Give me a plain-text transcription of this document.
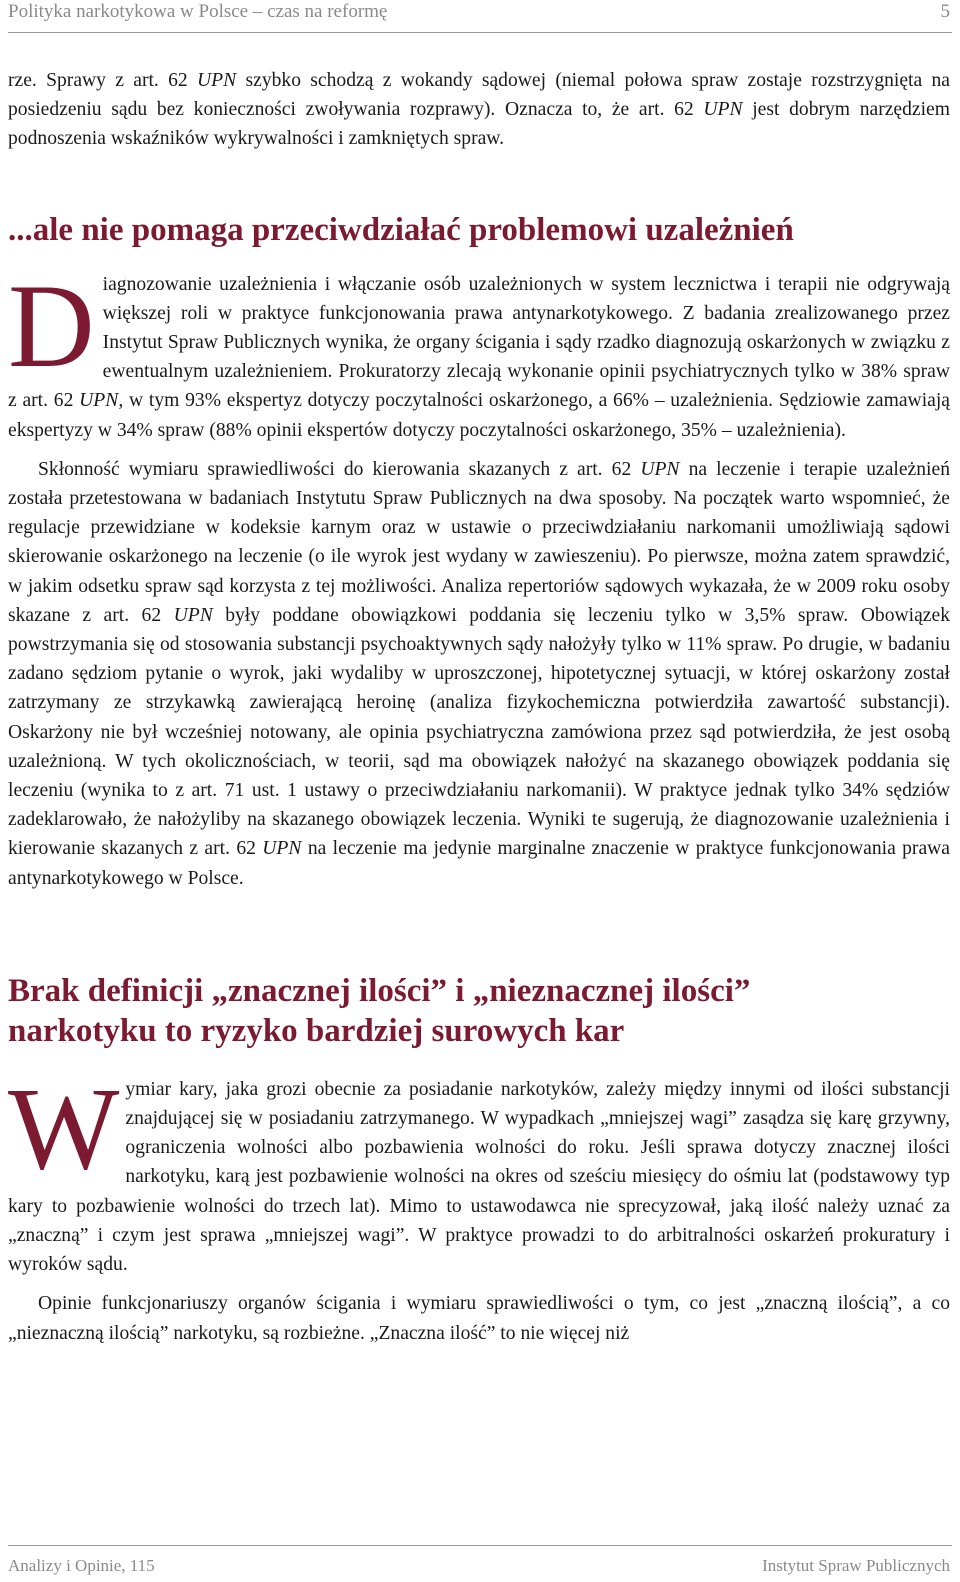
Polityka narkotykowa w Polsce – czas na reformę	5

rze. Sprawy z art. 62 UPN szybko schodzą z wokandy sądowej (niemal połowa spraw zostaje rozstrzygnięta na posiedzeniu sądu bez konieczności zwoływania rozprawy). Oznacza to, że art. 62 UPN jest dobrym narzędziem podnoszenia wskaźników wykrywalności i zamkniętych spraw.

...ale nie pomaga przeciwdziałać problemowi uzależnień

D iagnozowanie uzależnienia i włączanie osób uzależnionych w system lecznictwa i terapii nie odgrywają większej roli w praktyce funkcjonowania prawa antynarkotykowego. Z badania zrealizowanego przez Instytut Spraw Publicznych wynika, że organy ścigania i sądy rzadko diagnozują oskarżonych w związku z ewentualnym uzależnieniem. Prokuratorzy zlecają wykonanie opinii psychiatrycznych tylko w 38% spraw z art. 62 UPN, w tym 93% ekspertyz dotyczy poczytalności oskarżonego, a 66% – uzależnienia. Sędziowie zamawiają ekspertyzy w 34% spraw (88% opinii ekspertów dotyczy poczytalności oskarżonego, 35% – uzależnienia).

Skłonność wymiaru sprawiedliwości do kierowania skazanych z art. 62 UPN na leczenie i terapie uzależnień została przetestowana w badaniach Instytutu Spraw Publicznych na dwa sposoby. Na początek warto wspomnieć, że regulacje przewidziane w kodeksie karnym oraz w ustawie o przeciwdziałaniu narkomanii umożliwiają sądowi skierowanie oskarżonego na leczenie (o ile wyrok jest wydany w zawieszeniu). Po pierwsze, można zatem sprawdzić, w jakim odsetku spraw sąd korzysta z tej możliwości. Analiza repertoriów sądowych wykazała, że w 2009 roku osoby skazane z art. 62 UPN były poddane obowiązkowi poddania się leczeniu tylko w 3,5% spraw. Obowiązek powstrzymania się od stosowania substancji psychoaktywnych sądy nałożyły tylko w 11% spraw. Po drugie, w badaniu zadano sędziom pytanie o wyrok, jaki wydaliby w uproszczonej, hipotetycznej sytuacji, w której oskarżony został zatrzymany ze strzykawką zawierającą heroinę (analiza fizykochemiczna potwierdziła zawartość substancji). Oskarżony nie był wcześniej notowany, ale opinia psychiatryczna zamówiona przez sąd potwierdziła, że jest osobą uzależnioną. W tych okolicznościach, w teorii, sąd ma obowiązek nałożyć na skazanego obowiązek poddania się leczeniu (wynika to z art. 71 ust. 1 ustawy o przeciwdziałaniu narkomanii). W praktyce jednak tylko 34% sędziów zadeklarowało, że nałożyliby na skazanego obowiązek leczenia. Wyniki te sugerują, że diagnozowanie uzależnienia i kierowanie skazanych z art. 62 UPN na leczenie ma jedynie marginalne znaczenie w praktyce funkcjonowania prawa antynarkotykowego w Polsce.

Brak definicji „znacznej ilości” i „nieznacznej ilości”
narkotyku to ryzyko bardziej surowych kar

W ymiar kary, jaka grozi obecnie za posiadanie narkotyków, zależy między innymi od ilości substancji znajdującej się w posiadaniu zatrzymanego. W wypadkach „mniejszej wagi” zasądza się karę grzywny, ograniczenia wolności albo pozbawienia wolności do roku. Jeśli sprawa dotyczy znacznej ilości narkotyku, karą jest pozbawienie wolności na okres od sześciu miesięcy do ośmiu lat (podstawowy typ kary to pozbawienie wolności do trzech lat). Mimo to ustawodawca nie sprecyzował, jaką ilość należy uznać za „znaczną” i czym jest sprawa „mniejszej wagi”. W praktyce prowadzi to do arbitralności oskarżeń prokuratury i wyroków sądu.

Opinie funkcjonariuszy organów ścigania i wymiaru sprawiedliwości o tym, co jest „znaczną ilością”, a co „nieznaczną ilością” narkotyku, są rozbieżne. „Znaczna ilość” to nie więcej niż

Analizy i Opinie, 115	Instytut Spraw Publicznych
